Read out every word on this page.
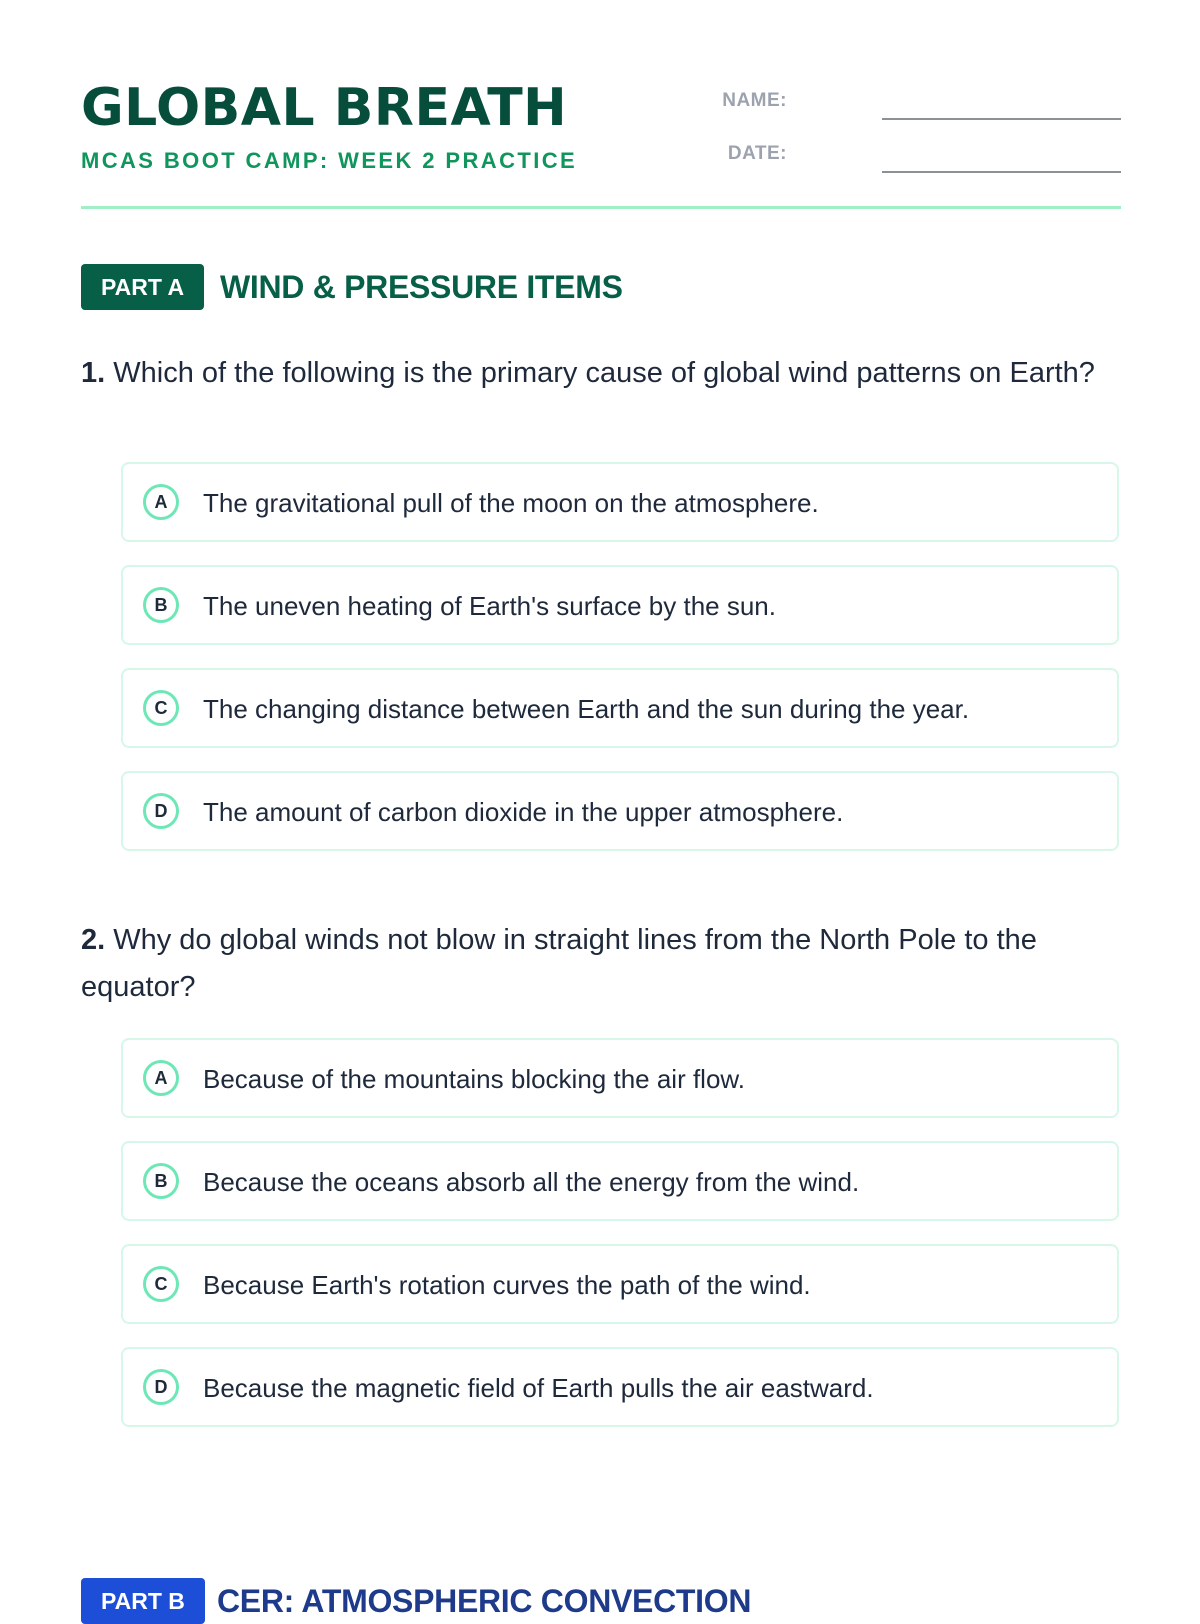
GLOBAL BREATH
MCAS BOOT CAMP: WEEK 2 PRACTICE
NAME:
DATE:
PART A	WIND & PRESSURE ITEMS

1. Which of the following is the primary cause of global wind patterns on Earth?

A	The gravitational pull of the moon on the atmosphere.
B	The uneven heating of Earth's surface by the sun.
C	The changing distance between Earth and the sun during the year.
D	The amount of carbon dioxide in the upper atmosphere.

2. Why do global winds not blow in straight lines from the North Pole to the equator?

A	Because of the mountains blocking the air flow.
B	Because the oceans absorb all the energy from the wind.
C	Because Earth's rotation curves the path of the wind.
D	Because the magnetic field of Earth pulls the air eastward.
PART B	CER: ATMOSPHERIC CONVECTION
